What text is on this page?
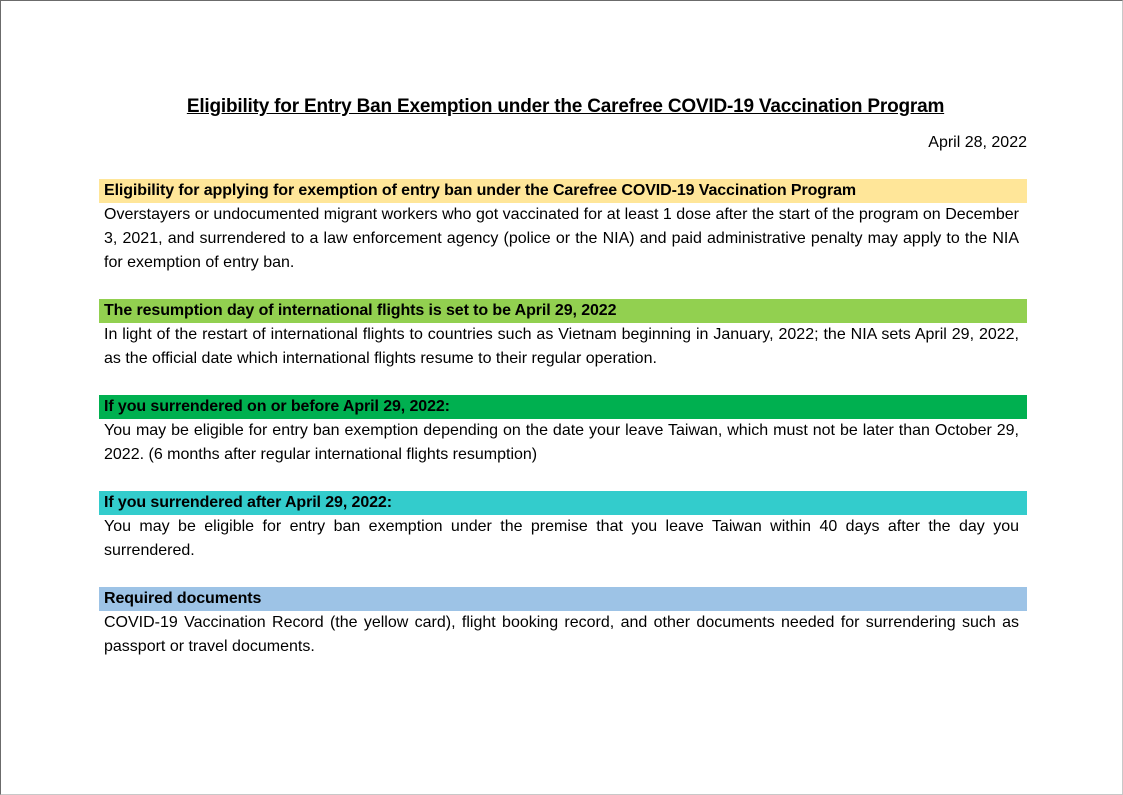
Eligibility for Entry Ban Exemption under the Carefree COVID-19 Vaccination Program
April 28, 2022
Eligibility for applying for exemption of entry ban under the Carefree COVID-19 Vaccination Program
Overstayers or undocumented migrant workers who got vaccinated for at least 1 dose after the start of the program on December 3, 2021, and surrendered to a law enforcement agency (police or the NIA) and paid administrative penalty may apply to the NIA for exemption of entry ban.
The resumption day of international flights is set to be April 29, 2022
In light of the restart of international flights to countries such as Vietnam beginning in January, 2022; the NIA sets April 29, 2022, as the official date which international flights resume to their regular operation.
If you surrendered on or before April 29, 2022:
You may be eligible for entry ban exemption depending on the date your leave Taiwan, which must not be later than October 29, 2022. (6 months after regular international flights resumption)
If you surrendered after April 29, 2022:
You may be eligible for entry ban exemption under the premise that you leave Taiwan within 40 days after the day you surrendered.
Required documents
COVID-19 Vaccination Record (the yellow card), flight booking record, and other documents needed for surrendering such as passport or travel documents.
